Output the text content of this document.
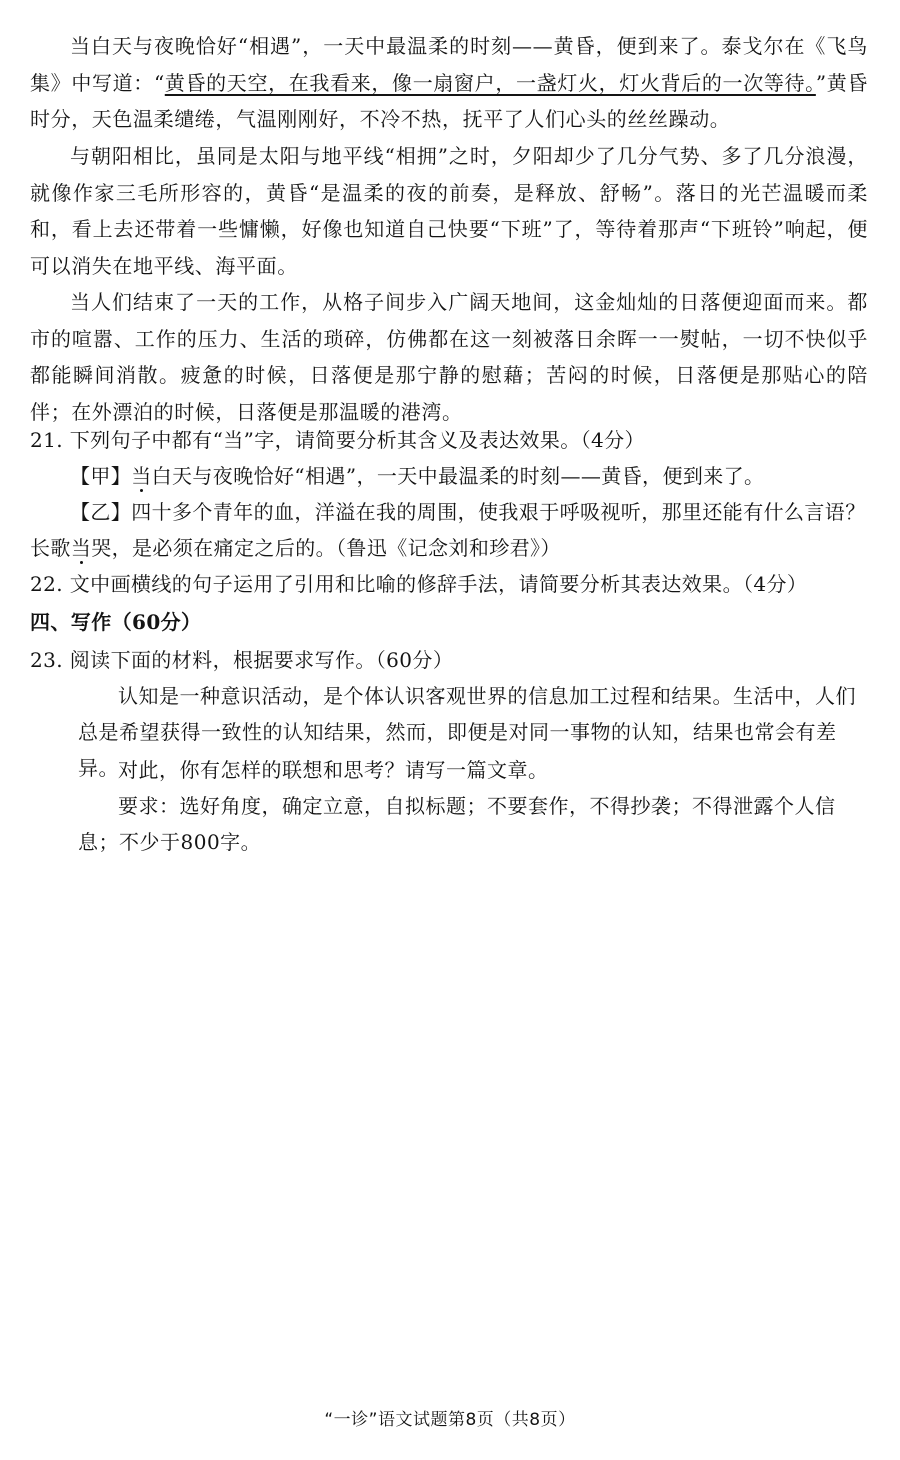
当白天与夜晚恰好“相遇”，一天中最温柔的时刻——黄昏，便到来了。泰戈尔在《飞鸟集》中写道：“黄昏的天空，在我看来，像一扇窗户，一盏灯火，灯火背后的一次等待。”黄昏时分，天色温柔缱绻，气温刚刚好，不冷不热，抚平了人们心头的丝丝躁动。

与朝阳相比，虽同是太阳与地平线“相拥”之时，夕阳却少了几分气势、多了几分浪漫，就像作家三毛所形容的，黄昏“是温柔的夜的前奏，是释放、舒畅”。落日的光芒温暖而柔和，看上去还带着一些慵懒，好像也知道自己快要“下班”了，等待着那声“下班铃”响起，便可以消失在地平线、海平面。

当人们结束了一天的工作，从格子间步入广阔天地间，这金灿灿的日落便迎面而来。都市的喧嚣、工作的压力、生活的琐碎，仿佛都在这一刻被落日余晖一一熨帖，一切不快似乎都能瞬间消散。疲惫的时候，日落便是那宁静的慰藉；苦闷的时候，日落便是那贴心的陪伴；在外漂泊的时候，日落便是那温暖的港湾。

21. 下列句子中都有“当”字，请简要分析其含义及表达效果。（4分）
【甲】当白天与夜晚恰好“相遇”，一天中最温柔的时刻——黄昏，便到来了。
【乙】四十多个青年的血，洋溢在我的周围，使我艰于呼吸视听，那里还能有什么言语？长歌当哭，是必须在痛定之后的。（鲁迅《记念刘和珍君》）
22. 文中画横线的句子运用了引用和比喻的修辞手法，请简要分析其表达效果。（4分）
四、写作（60分）
23. 阅读下面的材料，根据要求写作。（60分）
认知是一种意识活动，是个体认识客观世界的信息加工过程和结果。生活中，人们总是希望获得一致性的认知结果，然而，即便是对同一事物的认知，结果也常会有差异。 对此，你有怎样的联想和思考？请写一篇文章。
要求：选好角度，确定立意，自拟标题；不要套作，不得抄袭；不得泄露个人信息；不少于800字。
“一诊”语文试题第8页（共8页）
